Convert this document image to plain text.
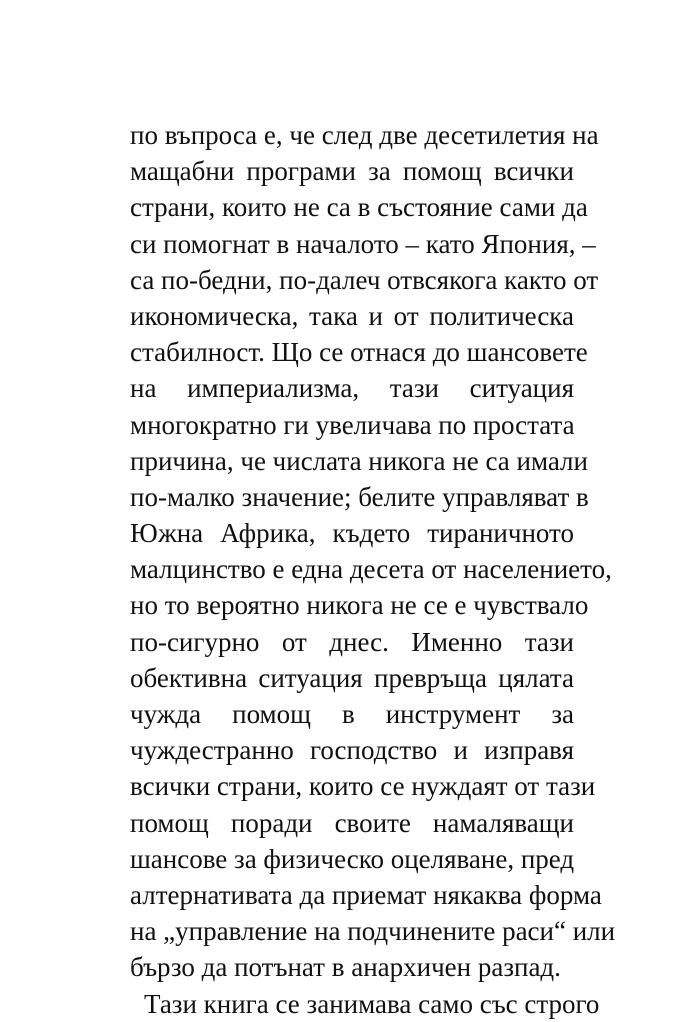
по въпроса е, че след две десетилетия на
мащабни програми за помощ всички
страни, които не са в състояние сами да
си помогнат в началото – като Япония, –
са по-бедни, по-далеч отвсякога както от
икономическа, така и от политическа
стабилност. Що се отнася до шансовете
на империализма, тази ситуация
многократно ги увеличава по простата
причина, че числата никога не са имали
по-малко значение; белите управляват в
Южна Африка, където тираничното
малцинство е една десета от населението,
но то вероятно никога не се е чувствало
по-сигурно от днес. Именно тази
обективна ситуация превръща цялата
чужда помощ в инструмент за
чуждестранно господство и изправя
всички страни, които се нуждаят от тази
помощ поради своите намаляващи
шансове за физическо оцеляване, пред
алтернативата да приемат някаква форма
на „управление на подчинените раси“ или
бързо да потънат в анархичен разпад.
Тази книга се занимава само със строго
